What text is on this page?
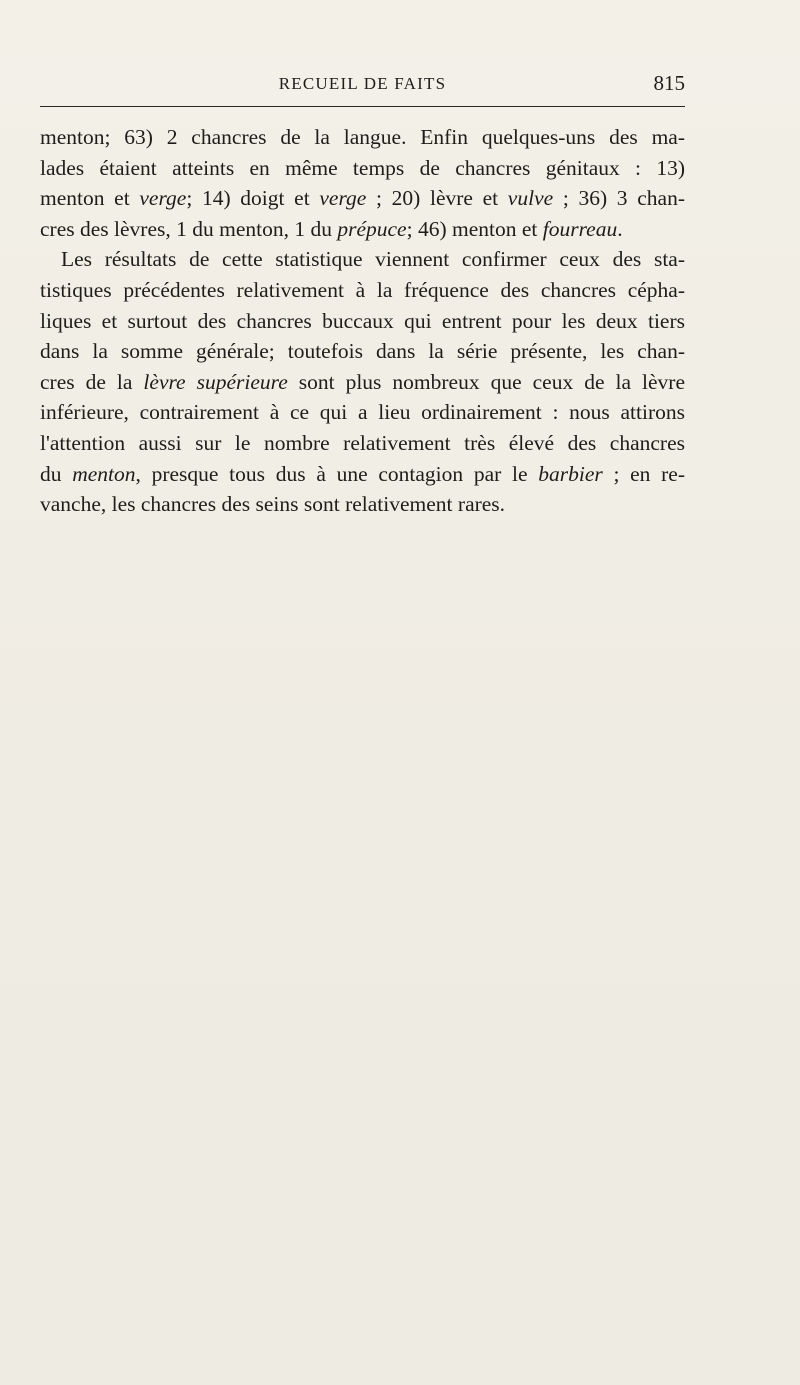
RECUEIL DE FAITS	815
menton; 63) 2 chancres de la langue. Enfin quelques-uns des ma-
lades étaient atteints en même temps de chancres génitaux : 13)
menton et verge; 14) doigt et verge ; 20) lèvre et vulve ; 36) 3 chan-
cres des lèvres, 1 du menton, 1 du prépuce; 46) menton et fourreau.
Les résultats de cette statistique viennent confirmer ceux des sta-
tistiques précédentes relativement à la fréquence des chancres cépha-
liques et surtout des chancres buccaux qui entrent pour les deux tiers
dans la somme générale; toutefois dans la série présente, les chan-
cres de la lèvre supérieure sont plus nombreux que ceux de la lèvre
inférieure, contrairement à ce qui a lieu ordinairement : nous attirons
l'attention aussi sur le nombre relativement très élevé des chancres
du menton, presque tous dus à une contagion par le barbier ; en re-
vanche, les chancres des seins sont relativement rares.
